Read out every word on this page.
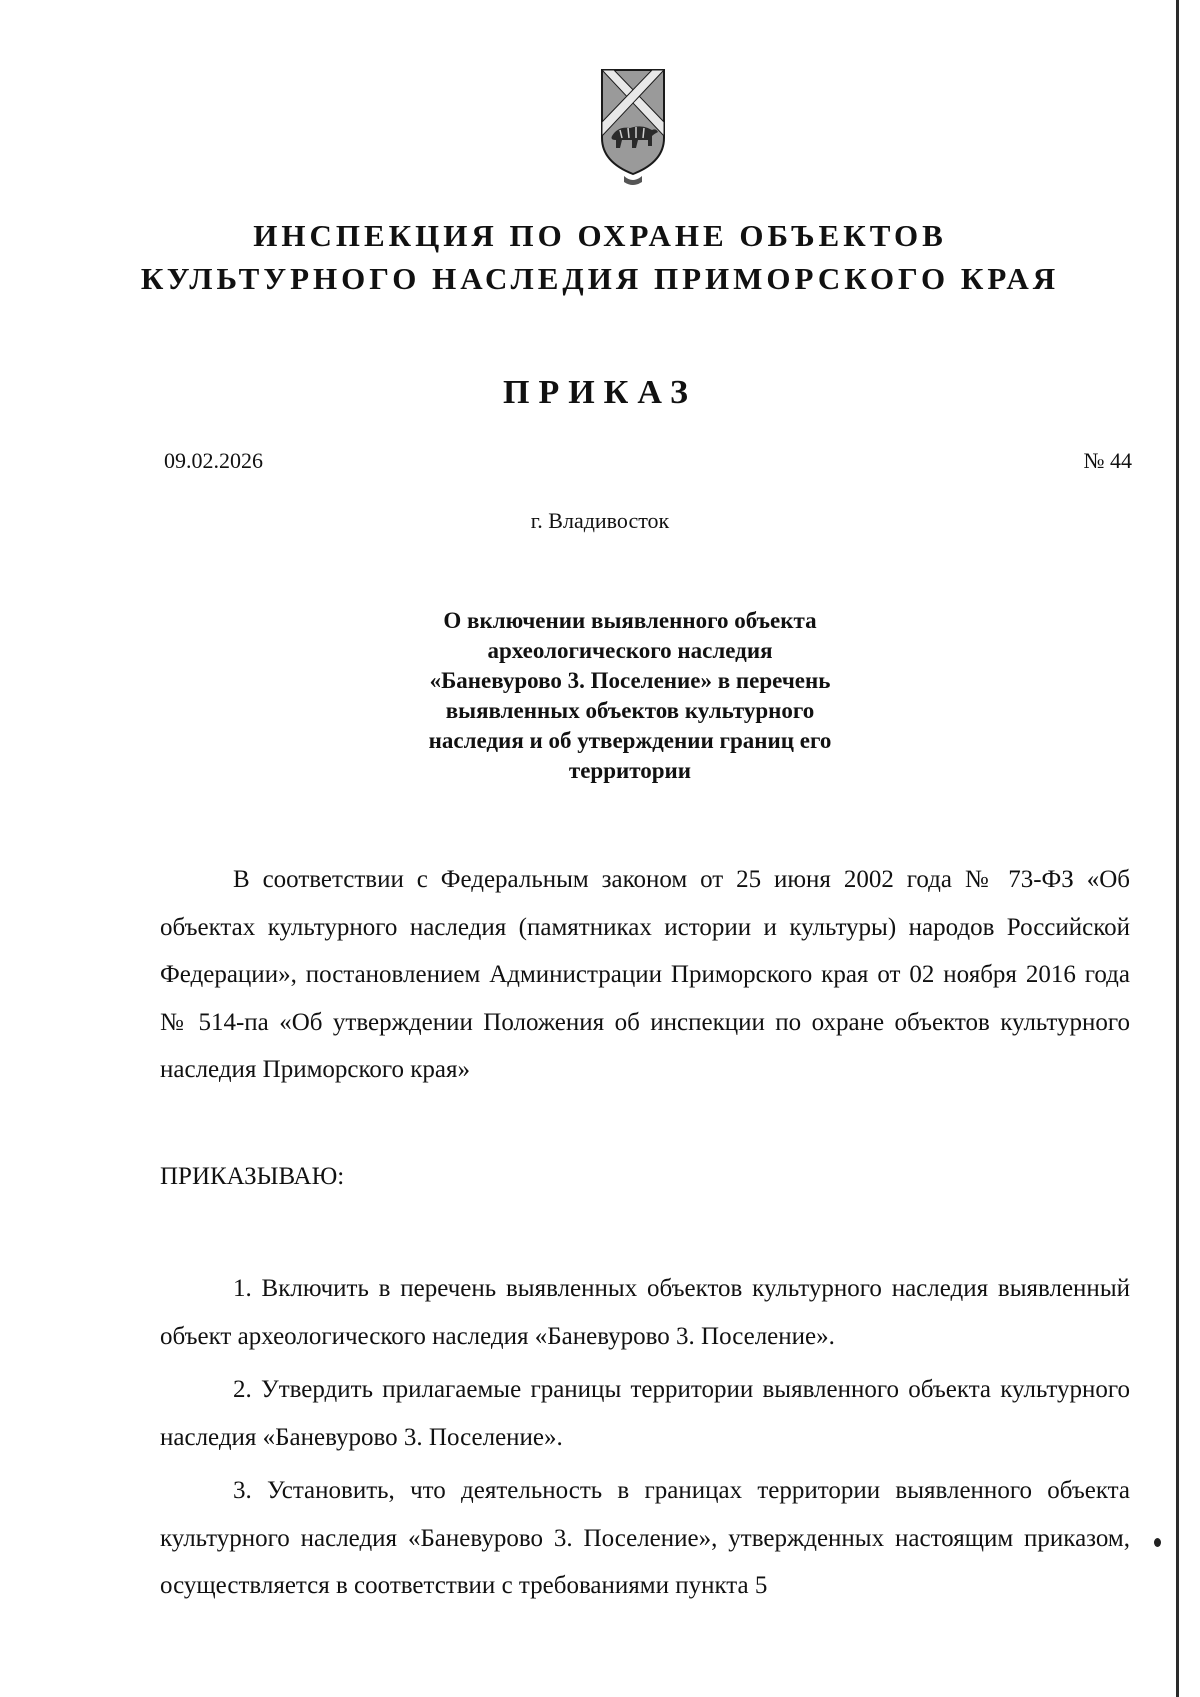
ИНСПЕКЦИЯ ПО ОХРАНЕ ОБЪЕКТОВ
КУЛЬТУРНОГО НАСЛЕДИЯ ПРИМОРСКОГО КРАЯ
ПРИКАЗ
09.02.2026	№ 44
г. Владивосток
О включении выявленного объекта
археологического наследия
«Баневурово 3. Поселение» в перечень
выявленных объектов культурного
наследия и об утверждении границ его
территории
В соответствии с Федеральным законом от 25 июня 2002 года № 73-ФЗ «Об объектах культурного наследия (памятниках истории и культуры) народов Российской Федерации», постановлением Администрации Приморского края от 02 ноября 2016 года № 514-па «Об утверждении Положения об инспекции по охране объектов культурного наследия Приморского края»
ПРИКАЗЫВАЮ:
1. Включить в перечень выявленных объектов культурного наследия выявленный объект археологического наследия «Баневурово 3. Поселение».
2. Утвердить прилагаемые границы территории выявленного объекта культурного наследия «Баневурово 3. Поселение».
3. Установить, что деятельность в границах территории выявленного объекта культурного наследия «Баневурово 3. Поселение», утвержденных настоящим приказом, осуществляется в соответствии с требованиями пункта 5
